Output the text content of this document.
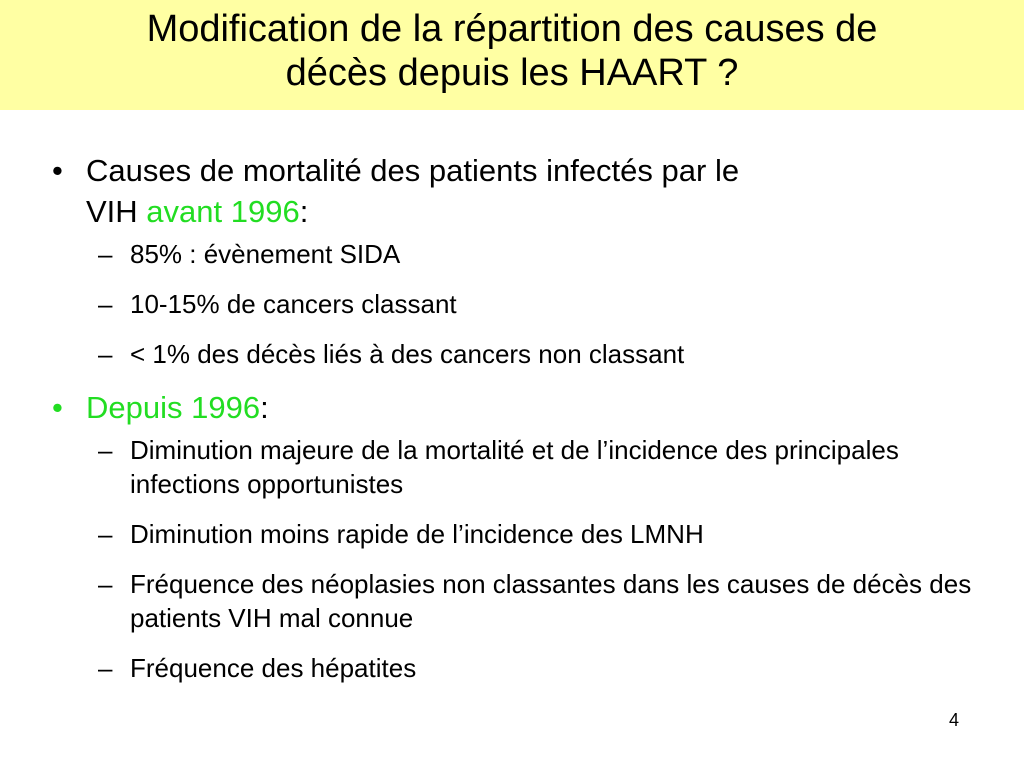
Modification de la répartition des causes de
décès depuis les HAART ?

• Causes de mortalité des patients infectés par le
VIH avant 1996:

– 85% : évènement SIDA
– 10-15% de cancers classant
– < 1% des décès liés à des cancers non classant

• Depuis 1996:

– Diminution majeure de la mortalité et de l’incidence des principales infections opportunistes
– Diminution moins rapide de l’incidence des LMNH
– Fréquence des néoplasies non classantes dans les causes de décès des patients VIH mal connue
– Fréquence des hépatites
4
